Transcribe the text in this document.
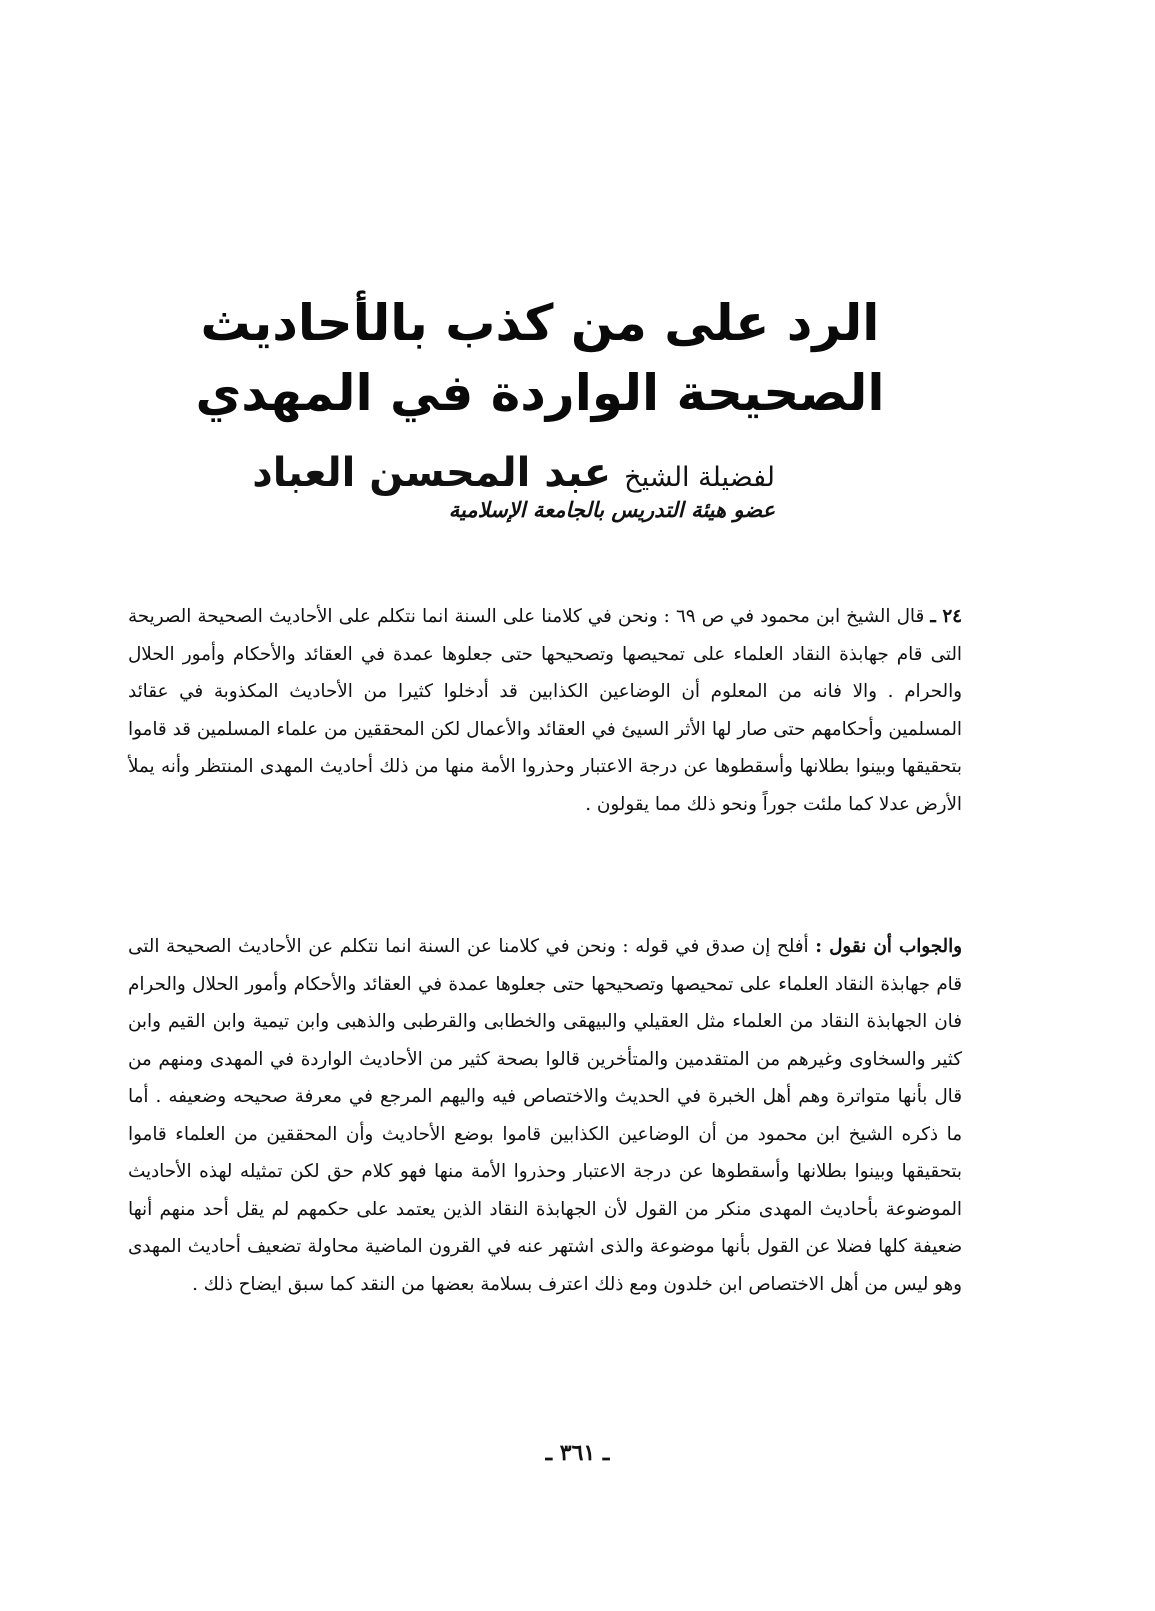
الرد على من كذب بالأحاديث الصحيحة الواردة في المهدي
لفضيلة الشيخ عبد المحسن العباد
عضو هيئة التدريس بالجامعة الإسلامية

٢٤ ـ قال الشيخ ابن محمود في ص ٦٩ : ونحن في كلامنا على السنة انما نتكلم على الأحاديث الصحيحة الصريحة التى قام جهابذة النقاد العلماء على تمحيصها وتصحيحها حتى جعلوها عمدة في العقائد والأحكام وأمور الحلال والحرام . والا فانه من المعلوم أن الوضاعين الكذابين قد أدخلوا كثيرا من الأحاديث المكذوبة في عقائد المسلمين وأحكامهم حتى صار لها الأثر السيئ في العقائد والأعمال لكن المحققين من علماء المسلمين قد قاموا بتحقيقها وبينوا بطلانها وأسقطوها عن درجة الاعتبار وحذروا الأمة منها من ذلك أحاديث المهدى المنتظر وأنه يملأ الأرض عدلا كما ملئت جوراً ونحو ذلك مما يقولون .

والجواب أن نقول : أفلح إن صدق في قوله : ونحن في كلامنا عن السنة انما نتكلم عن الأحاديث الصحيحة التى قام جهابذة النقاد العلماء على تمحيصها وتصحيحها حتى جعلوها عمدة في العقائد والأحكام وأمور الحلال والحرام فان الجهابذة النقاد من العلماء مثل العقيلي والبيهقى والخطابى والقرطبى والذهبى وابن تيمية وابن القيم وابن كثير والسخاوى وغيرهم من المتقدمين والمتأخرين قالوا بصحة كثير من الأحاديث الواردة في المهدى ومنهم من قال بأنها متواترة وهم أهل الخبرة في الحديث والاختصاص فيه واليهم المرجع في معرفة صحيحه وضعيفه . أما ما ذكره الشيخ ابن محمود من أن الوضاعين الكذابين قاموا بوضع الأحاديث وأن المحققين من العلماء قاموا بتحقيقها وبينوا بطلانها وأسقطوها عن درجة الاعتبار وحذروا الأمة منها فهو كلام حق لكن تمثيله لهذه الأحاديث الموضوعة بأحاديث المهدى منكر من القول لأن الجهابذة النقاد الذين يعتمد على حكمهم لم يقل أحد منهم أنها ضعيفة كلها فضلا عن القول بأنها موضوعة والذى اشتهر عنه في القرون الماضية محاولة تضعيف أحاديث المهدى وهو ليس من أهل الاختصاص ابن خلدون ومع ذلك اعترف بسلامة بعضها من النقد كما سبق ايضاح ذلك .

ـ ٣٦١ ـ
